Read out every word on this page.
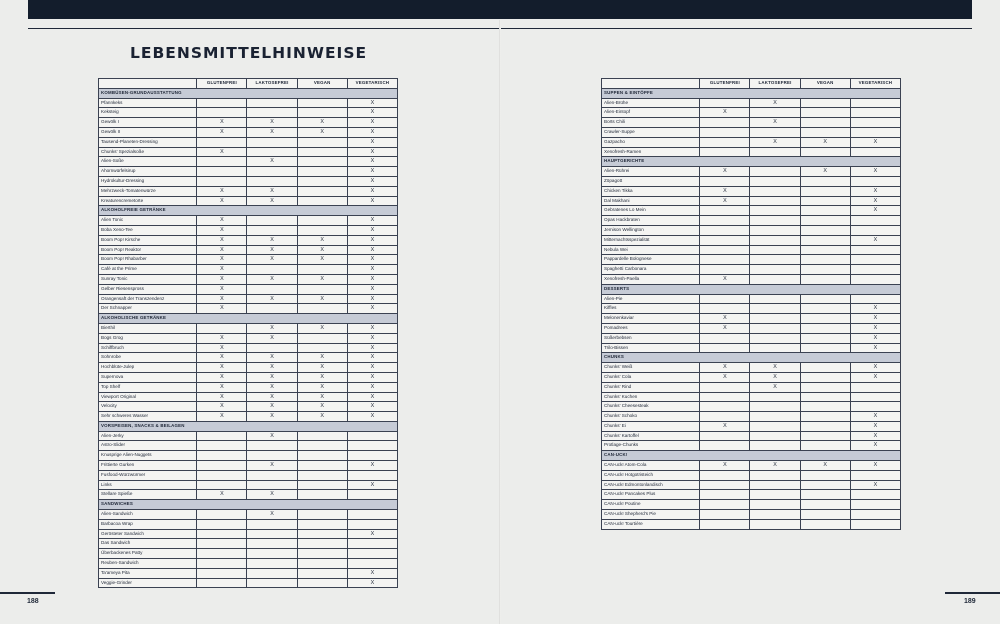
LEBENSMITTELHINWEISE
	GLUTENFREI	LAKTOSEFREI	VEGAN	VEGETARISCH
KOMBÜSEN-GRUNDAUSSTATTUNG				
Pfannkeks				X
Keksteig				X
Gewölk I	X	X	X	X
Gewölk II	X	X	X	X
Tausend-Planeten-Dressing				X
Chunks' Spezialsoße	X			X
Alien-Soße		X		X
Ahornwürfelsirup				X
Hydrokultur-Dressing				X
Mehrzweck-Tomatenwürze	X	X		X
Kreaturencremetorte	X	X		X
ALKOHOLFREIE GETRÄNKE				
Alien Tonic	X			X
Boba Xeno-Tee	X			X
Boom Pop! Kirsche	X	X	X	X
Boom Pop! Reaktor	X	X	X	X
Boom Pop! Rhabarber	X	X	X	X
Café at the Prime	X			X
Sunray Tonic	X	X	X	X
Gelber Riesenspross	X			X
Orangensaft der Transzendenz	X	X	X	X
Der Schnapper	X			X
ALKOHOLISCHE GETRÄNKE				
Bierthil		X	X	X
Bogs Grog	X	X		X
Schiffbruch	X			X
Sohnrobe	X	X	X	X
Hochblüte-Julep	X	X	X	X
Supernova	X	X	X	X
Top Shelf	X	X	X	X
Viewport Original	X	X	X	X
Velocity	X	X	X	X
Sehr schweres Wasser	X	X	X	X
VORSPEISEN, SNACKS & BEILAGEN				
Alien-Jerky		X		
Astro-Slider				
Knusprige Alien-Nuggets				
Frittierte Gurken		X		X
Fusfood-Würzwürmer				
Links				X
Stellare Spieße	X	X		
SANDWICHES				
Alien-Sandwich		X		
Barbacoa Wrap				
Gerösteter Sandwich				X
Das Sandwich				
Überbackenes Patty				
Reuben-Sandwich				
Ta'ameya Pita				X
Veggie-Grinder				X
	GLUTENFREI	LAKTOSEFREI	VEGAN	VEGETARISCH
SUPPEN & EINTÖPFE				
Alien-Brühe		X		
Alien-Eintopf	X			
Borts Chili		X		
Crawler-Suppe				
Gazpacho		X	X	X
Xenofresh-Ramen				
HAUPTGERICHTE				
Alien-Rührei	X		X	X
Zöpagott				
Chicken Tikka	X			X
Dal Makhani	X			X
Gebratenes Lo Mein				X
Opas Hackbraten				
Jemison Wellington				
Mitternachtsspezialität				X
Nebula Wei				
Pappardelle Bolognese				
Spaghetti Carbonara				
Xenofresh-Paella	X			
DESSERTS				
Alien-Pie				
Kiffles				X
Melonenkaviar	X			X
Pomadrees	X			X
Süßerbebsen				X
Trilo-Bissen				X
CHUNKS				
Chunks' Weiß	X	X		X
Chunks' Cola	X	X		X
Chunks' Rind		X		
Chunks' Kuchen				
Chunks' Cheesesteak				
Chunks' Schoko				X
Chunks' Ei	X			X
Chunks' Kartoffel				X
Protlage-Chunks				X
CAN-UCK!				
CAN-uck! Atom-Cola	X	X	X	X
CAN-uck! Hotgotristeich				
CAN-uck! Edmontonlandisch				X
CAN-uck! Pancakes Plus				
CAN-uck! Poutine				
CAN-uck! Shepherd's Pie				
CAN-uck! Tourtière				
188	189
